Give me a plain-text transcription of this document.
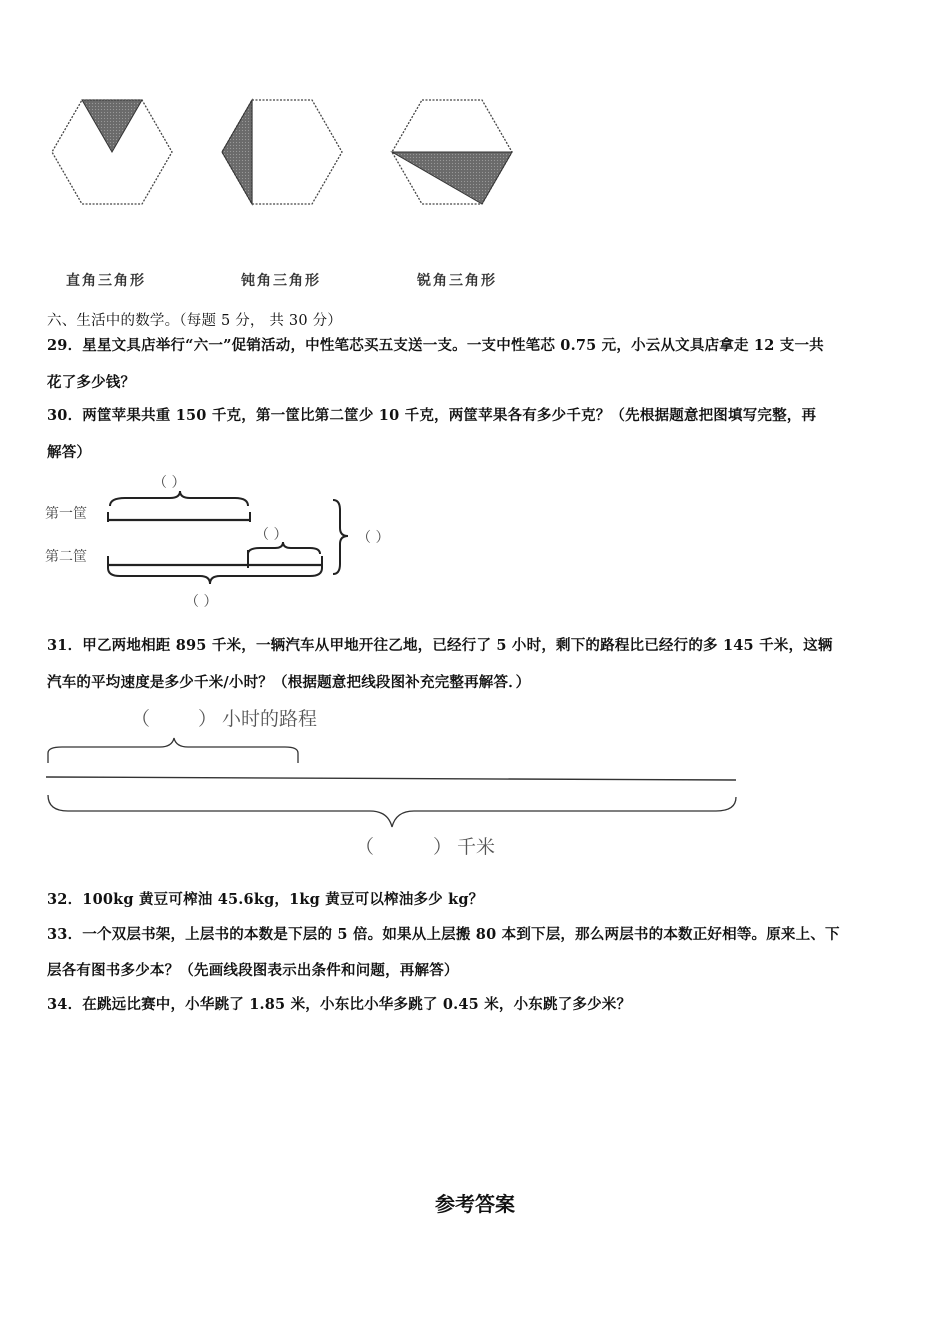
直角三角形	钝角三角形	锐角三角形
六、生活中的数学。（每题 5 分， 共 30 分）
29．星星文具店举行“六一”促销活动，中性笔芯买五支送一支。一支中性笔芯 0.75 元，小云从文具店拿走 12 支一共
花了多少钱？
30．两筐苹果共重 150 千克，第一筐比第二筐少 10 千克，两筐苹果各有多少千克？（先根据题意把图填写完整，再
解答）
（ ）
第一筐
（ ）	（ ）
第二筐
（ ）
31．甲乙两地相距 895 千米，一辆汽车从甲地开往乙地，已经行了 5 小时，剩下的路程比已经行的多 145 千米，这辆
汽车的平均速度是多少千米/小时？（根据题意把线段图补充完整再解答．）
（	） 小时的路程
（	） 千米
32．100kg 黄豆可榨油 45.6kg，1kg 黄豆可以榨油多少 kg？
33．一个双层书架，上层书的本数是下层的 5 倍。如果从上层搬 80 本到下层，那么两层书的本数正好相等。原来上、下
层各有图书多少本？（先画线段图表示出条件和问题，再解答）
34．在跳远比赛中，小华跳了 1.85 米，小东比小华多跳了 0.45 米，小东跳了多少米？
参考答案
